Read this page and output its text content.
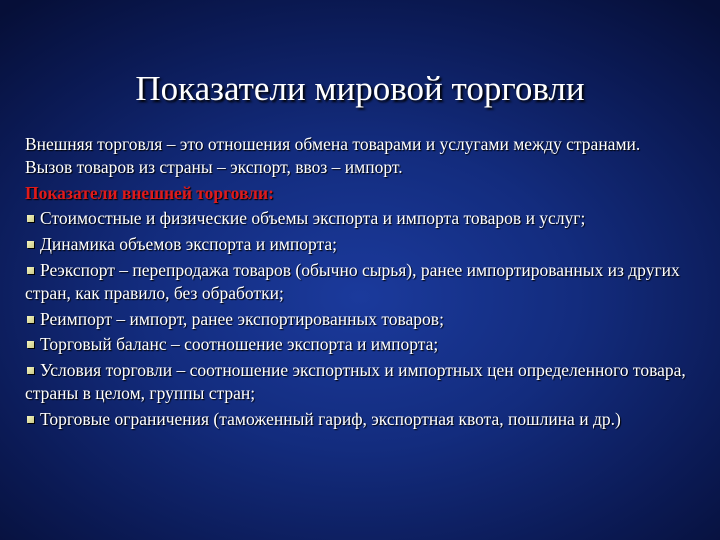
Показатели мировой торговли

Внешняя торговля – это отношения обмена товарами и услугами между странами. Вызов товаров из страны – экспорт, ввоз – импорт.

Показатели внешней торговли:

Стоимостные и физические объемы экспорта и импорта товаров и услуг;

Динамика объемов экспорта и импорта;

Реэкспорт – перепродажа товаров (обычно сырья), ранее импортированных из других стран, как правило, без обработки;

Реимпорт – импорт, ранее экспортированных товаров;

Торговый баланс – соотношение экспорта и импорта;

Условия торговли – соотношение экспортных и импортных цен определенного товара, страны в целом, группы стран;

Торговые ограничения (таможенный гариф, экспортная квота, пошлина и др.)
